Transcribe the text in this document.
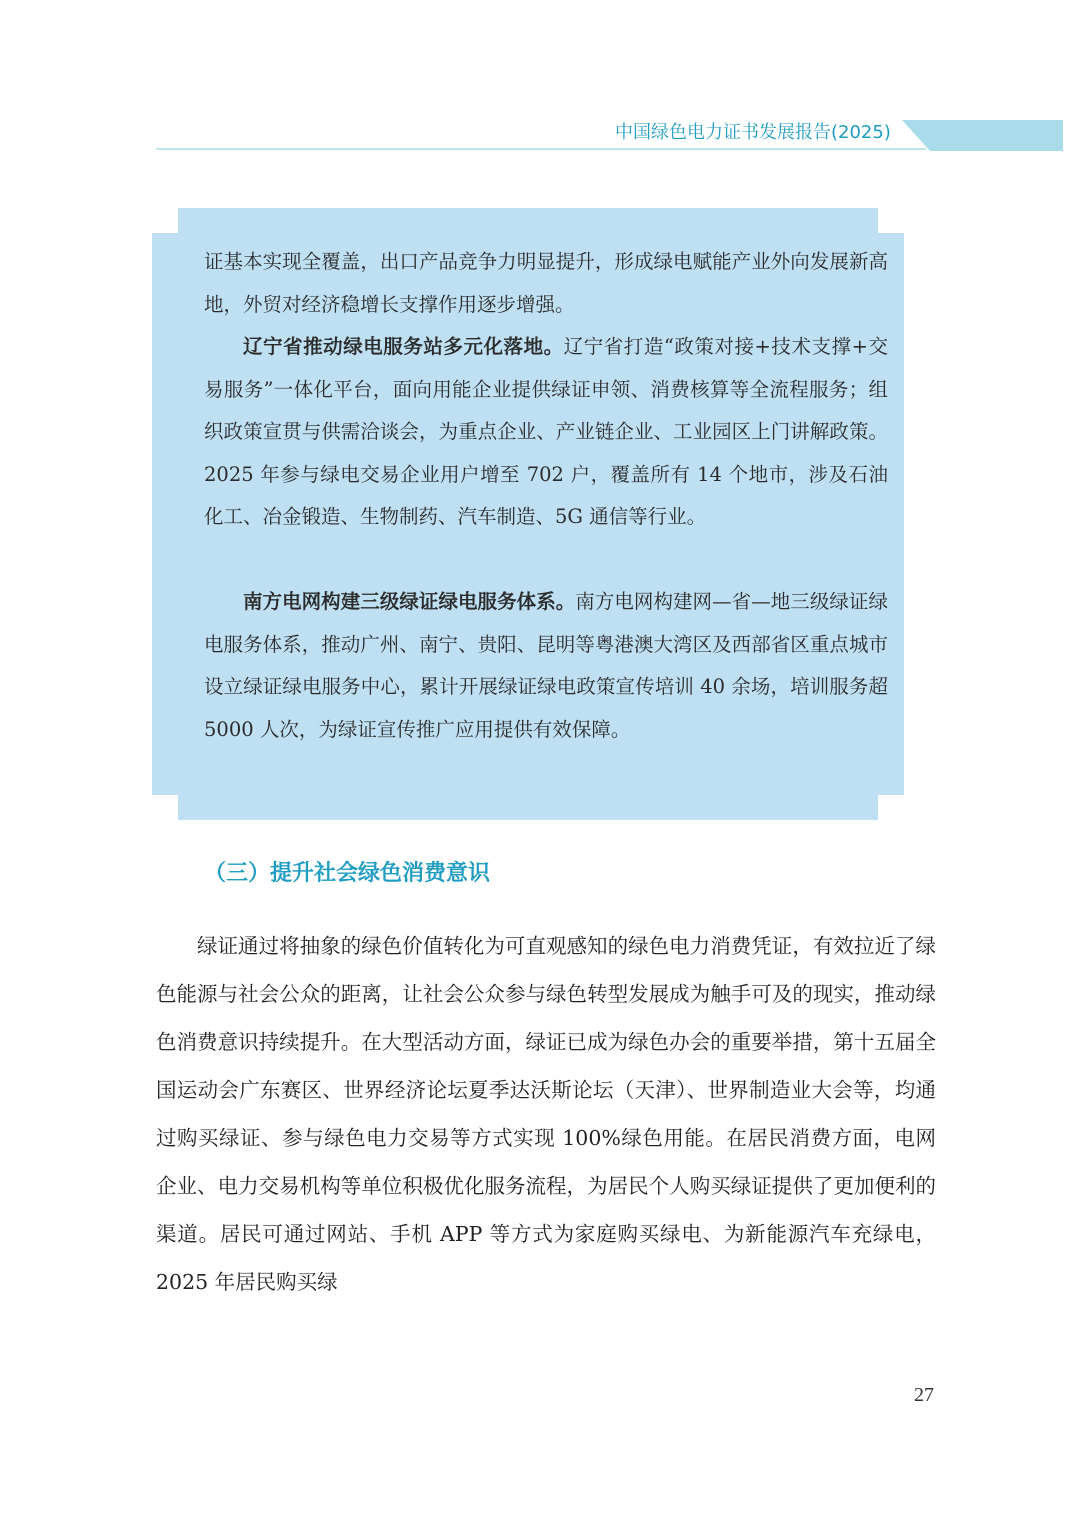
中国绿色电力证书发展报告(2025)

证基本实现全覆盖，出口产品竞争力明显提升，形成绿电赋能产业外向发展新高地，外贸对经济稳增长支撑作用逐步增强。

辽宁省推动绿电服务站多元化落地。辽宁省打造“政策对接+技术支撑+交易服务”一体化平台，面向用能企业提供绿证申领、消费核算等全流程服务；组织政策宣贯与供需洽谈会，为重点企业、产业链企业、工业园区上门讲解政策。2025 年参与绿电交易企业用户增至 702 户，覆盖所有 14 个地市，涉及石油化工、冶金锻造、生物制药、汽车制造、5G 通信等行业。

南方电网构建三级绿证绿电服务体系。南方电网构建网—省—地三级绿证绿电服务体系，推动广州、南宁、贵阳、昆明等粤港澳大湾区及西部省区重点城市设立绿证绿电服务中心，累计开展绿证绿电政策宣传培训 40 余场，培训服务超 5000 人次，为绿证宣传推广应用提供有效保障。

（三）提升社会绿色消费意识

绿证通过将抽象的绿色价值转化为可直观感知的绿色电力消费凭证，有效拉近了绿色能源与社会公众的距离，让社会公众参与绿色转型发展成为触手可及的现实，推动绿色消费意识持续提升。在大型活动方面，绿证已成为绿色办会的重要举措，第十五届全国运动会广东赛区、世界经济论坛夏季达沃斯论坛（天津）、世界制造业大会等，均通过购买绿证、参与绿色电力交易等方式实现 100%绿色用能。在居民消费方面，电网企业、电力交易机构等单位积极优化服务流程，为居民个人购买绿证提供了更加便利的渠道。居民可通过网站、手机 APP 等方式为家庭购买绿电、为新能源汽车充绿电，2025 年居民购买绿

27
